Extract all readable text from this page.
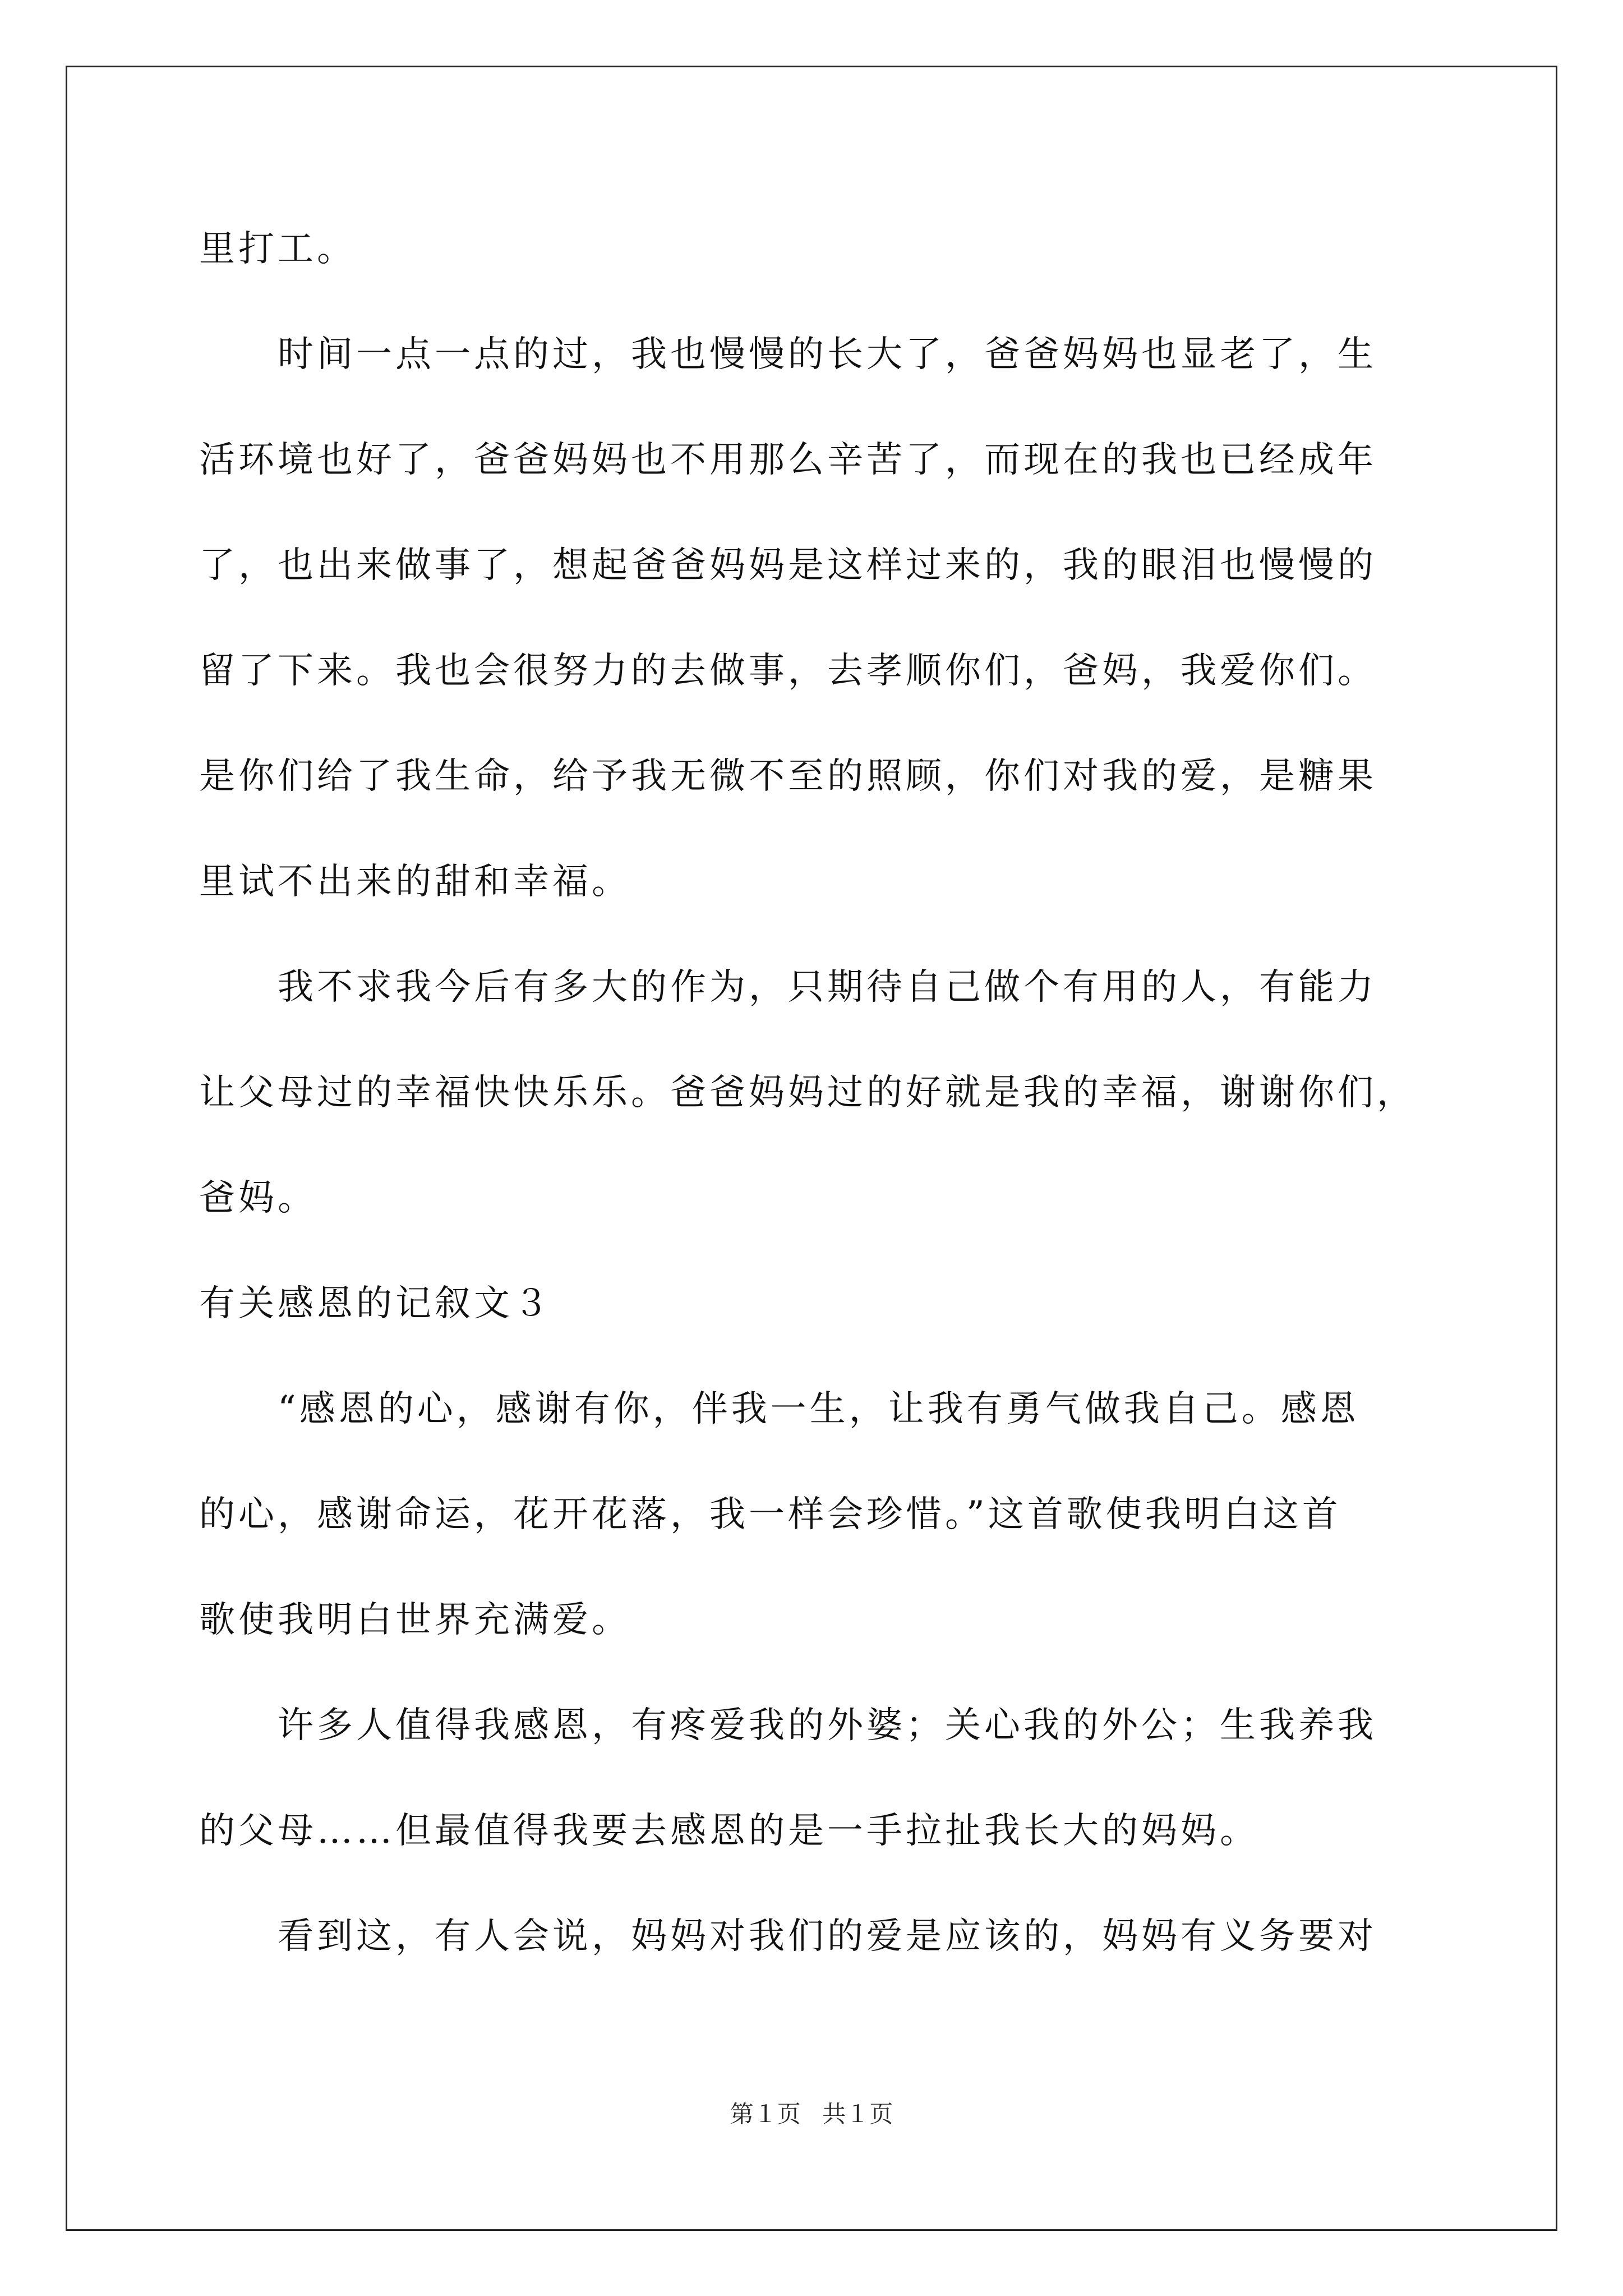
里打工。
　　时间一点一点的过，我也慢慢的长大了，爸爸妈妈也显老了，生
活环境也好了，爸爸妈妈也不用那么辛苦了，而现在的我也已经成年
了，也出来做事了，想起爸爸妈妈是这样过来的，我的眼泪也慢慢的
留了下来。我也会很努力的去做事，去孝顺你们，爸妈，我爱你们。
是你们给了我生命，给予我无微不至的照顾，你们对我的爱，是糖果
里试不出来的甜和幸福。
　　我不求我今后有多大的作为，只期待自己做个有用的人，有能力
让父母过的幸福快快乐乐。爸爸妈妈过的好就是我的幸福，谢谢你们，
爸妈。
有关感恩的记叙文３
　　“感恩的心，感谢有你，伴我一生，让我有勇气做我自己。感恩
的心，感谢命运，花开花落，我一样会珍惜。”这首歌使我明白这首
歌使我明白世界充满爱。
　　许多人值得我感恩，有疼爱我的外婆；关心我的外公；生我养我
的父母……但最值得我要去感恩的是一手拉扯我长大的妈妈。
　　看到这，有人会说，妈妈对我们的爱是应该的，妈妈有义务要对
第１页 共１页
